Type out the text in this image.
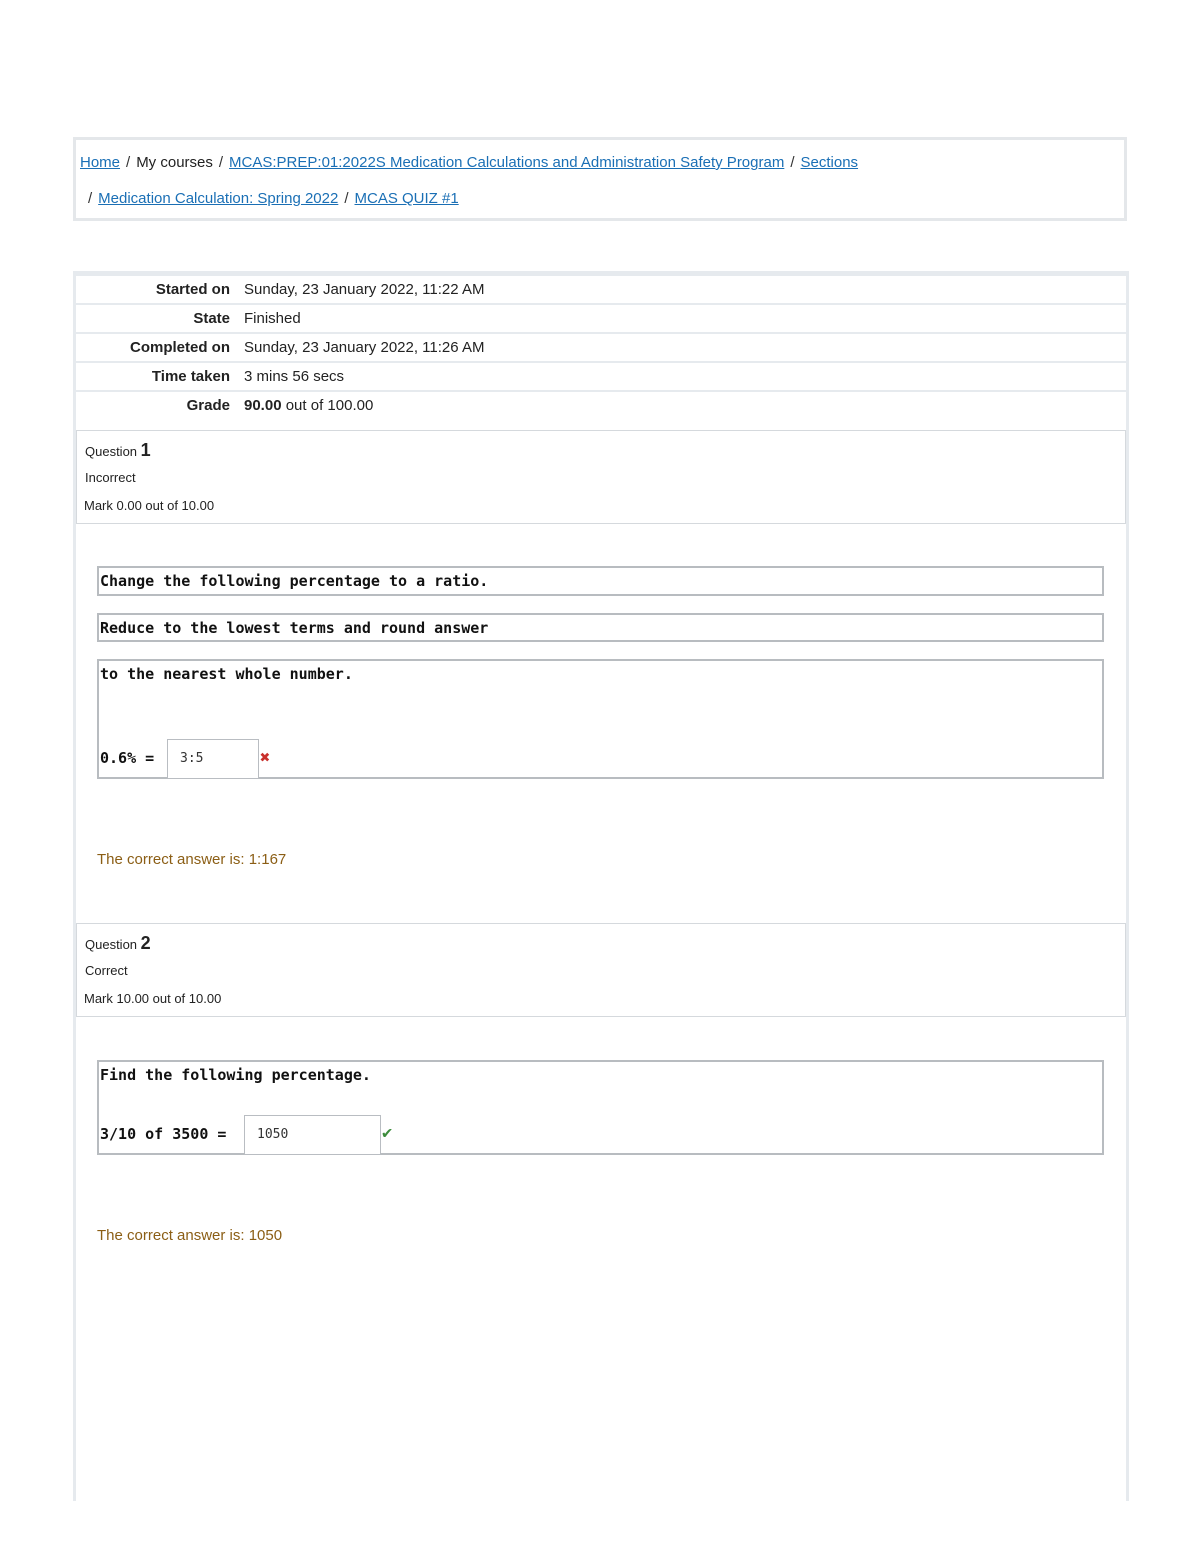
Home / My courses / MCAS:PREP:01:2022S Medication Calculations and Administration Safety Program / Sections
/ Medication Calculation: Spring 2022 / MCAS QUIZ #1
Started on Sunday, 23 January 2022, 11:22 AM
State Finished
Completed on Sunday, 23 January 2022, 11:26 AM
Time taken 3 mins 56 secs
Grade 90.00 out of 100.00
Question 1
Incorrect
Mark 0.00 out of 10.00
Change the following percentage to a ratio.
Reduce to the lowest terms and round answer
to the nearest whole number.
0.6% =	3:5	✖
The correct answer is: 1:167
Question 2
Correct
Mark 10.00 out of 10.00
Find the following percentage.
3/10 of 3500 =	1050	✔
The correct answer is: 1050
